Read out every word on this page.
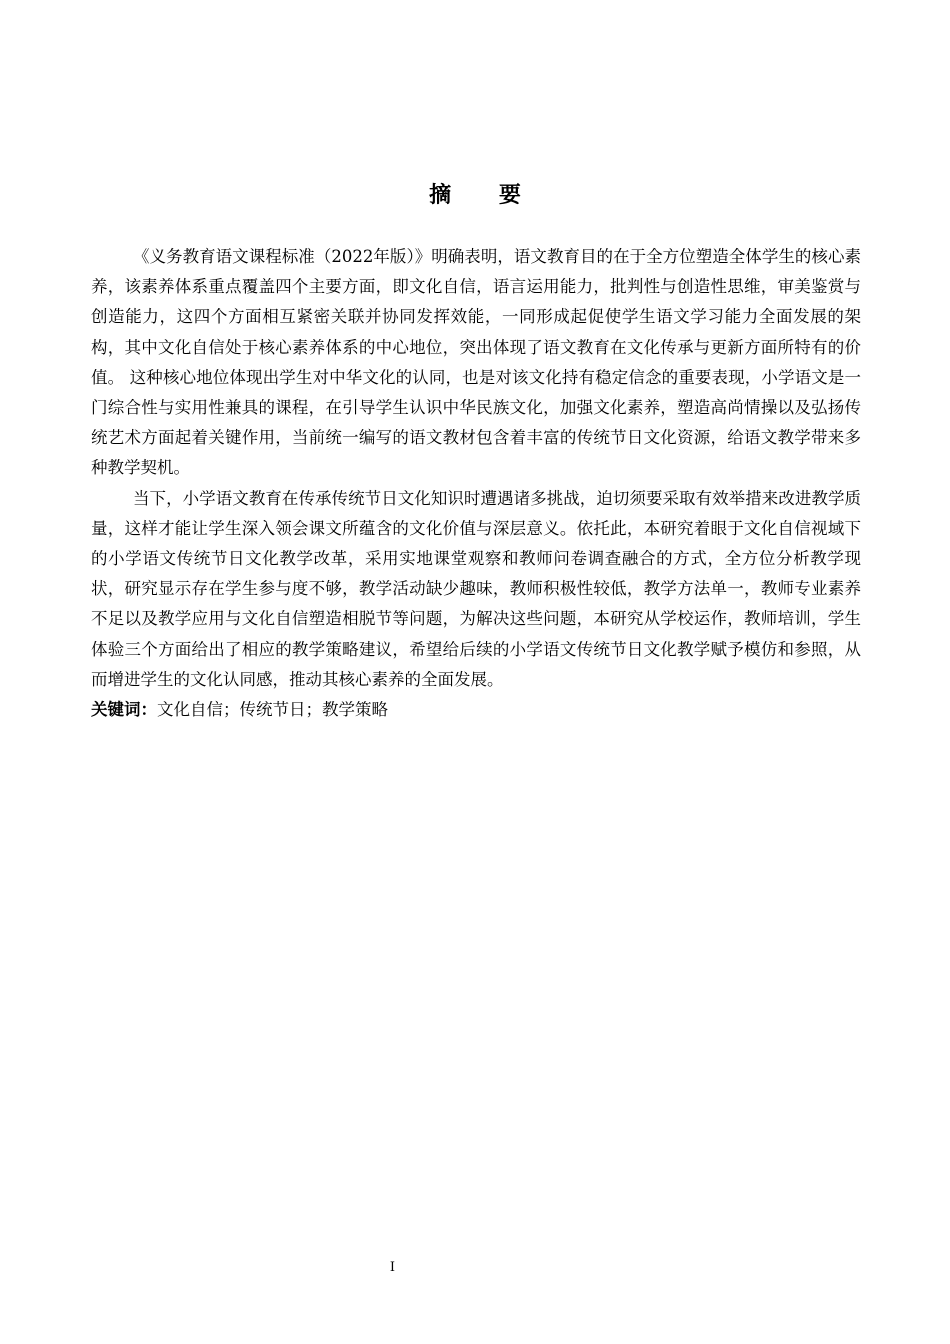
摘 要

《义务教育语文课程标准（2022年版）》明确表明，语文教育目的在于全方位塑造全体学生的核心素养，该素养体系重点覆盖四个主要方面，即文化自信，语言运用能力，批判性与创造性思维，审美鉴赏与创造能力，这四个方面相互紧密关联并协同发挥效能，一同形成起促使学生语文学习能力全面发展的架构，其中文化自信处于核心素养体系的中心地位，突出体现了语文教育在文化传承与更新方面所特有的价值。 这种核心地位体现出学生对中华文化的认同，也是对该文化持有稳定信念的重要表现，小学语文是一门综合性与实用性兼具的课程，在引导学生认识中华民族文化，加强文化素养，塑造高尚情操以及弘扬传统艺术方面起着关键作用，当前统一编写的语文教材包含着丰富的传统节日文化资源，给语文教学带来多种教学契机。

当下，小学语文教育在传承传统节日文化知识时遭遇诸多挑战，迫切须要采取有效举措来改进教学质量，这样才能让学生深入领会课文所蕴含的文化价值与深层意义。依托此，本研究着眼于文化自信视域下的小学语文传统节日文化教学改革，采用实地课堂观察和教师问卷调查融合的方式，全方位分析教学现状，研究显示存在学生参与度不够，教学活动缺少趣味，教师积极性较低，教学方法单一，教师专业素养不足以及教学应用与文化自信塑造相脱节等问题，为解决这些问题，本研究从学校运作，教师培训，学生体验三个方面给出了相应的教学策略建议，希望给后续的小学语文传统节日文化教学赋予模仿和参照，从而增进学生的文化认同感，推动其核心素养的全面发展。

关键词：文化自信；传统节日；教学策略

I
